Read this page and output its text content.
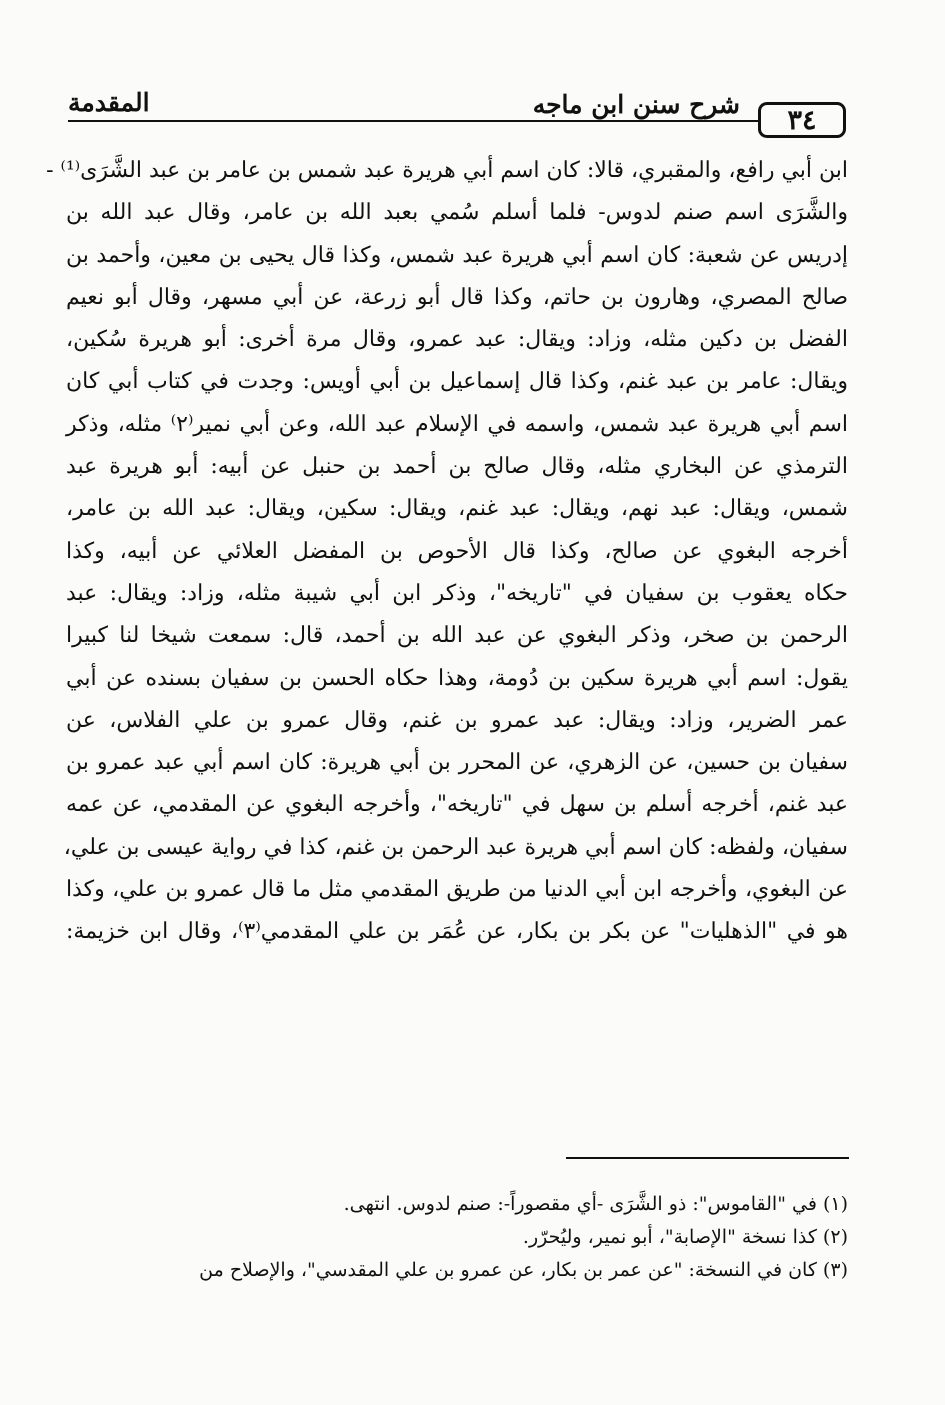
٣٤
شرح سنن ابن ماجه
المقدمة
ابن أبي رافع، والمقبري، قالا: كان اسم أبي هريرة عبد شمس بن عامر بن عبد الشَّرَى⁽¹⁾ -
والشَّرَى اسم صنم لدوس- فلما أسلم سُمي بعبد الله بن عامر، وقال عبد الله بن
إدريس عن شعبة: كان اسم أبي هريرة عبد شمس، وكذا قال يحيى بن معين، وأحمد بن
صالح المصري، وهارون بن حاتم، وكذا قال أبو زرعة، عن أبي مسهر، وقال أبو نعيم
الفضل بن دكين مثله، وزاد: ويقال: عبد عمرو، وقال مرة أخرى: أبو هريرة سُكين،
ويقال: عامر بن عبد غنم، وكذا قال إسماعيل بن أبي أويس: وجدت في كتاب أبي كان
اسم أبي هريرة عبد شمس، واسمه في الإسلام عبد الله، وعن أبي نمير⁽٢⁾ مثله، وذكر
الترمذي عن البخاري مثله، وقال صالح بن أحمد بن حنبل عن أبيه: أبو هريرة عبد
شمس، ويقال: عبد نهم، ويقال: عبد غنم، ويقال: سكين، ويقال: عبد الله بن عامر،
أخرجه البغوي عن صالح، وكذا قال الأحوص بن المفضل العلائي عن أبيه، وكذا
حكاه يعقوب بن سفيان في "تاريخه"، وذكر ابن أبي شيبة مثله، وزاد: ويقال: عبد
الرحمن بن صخر، وذكر البغوي عن عبد الله بن أحمد، قال: سمعت شيخا لنا كبيرا
يقول: اسم أبي هريرة سكين بن دُومة، وهذا حكاه الحسن بن سفيان بسنده عن أبي
عمر الضرير، وزاد: ويقال: عبد عمرو بن غنم، وقال عمرو بن علي الفلاس، عن
سفيان بن حسين، عن الزهري، عن المحرر بن أبي هريرة: كان اسم أبي عبد عمرو بن
عبد غنم، أخرجه أسلم بن سهل في "تاريخه"، وأخرجه البغوي عن المقدمي، عن عمه
سفيان، ولفظه: كان اسم أبي هريرة عبد الرحمن بن غنم، كذا في رواية عيسى بن علي،
عن البغوي، وأخرجه ابن أبي الدنيا من طريق المقدمي مثل ما قال عمرو بن علي، وكذا
هو في "الذهليات" عن بكر بن بكار، عن عُمَر بن علي المقدمي⁽٣⁾، وقال ابن خزيمة:
(١) في "القاموس": ذو الشَّرَى -أي مقصوراً-: صنم لدوس. انتهى.
(٢) كذا نسخة "الإصابة"، أبو نمير، وليُحرّر.
(٣) كان في النسخة: "عن عمر بن بكار، عن عمرو بن علي المقدسي"، والإصلاح من
